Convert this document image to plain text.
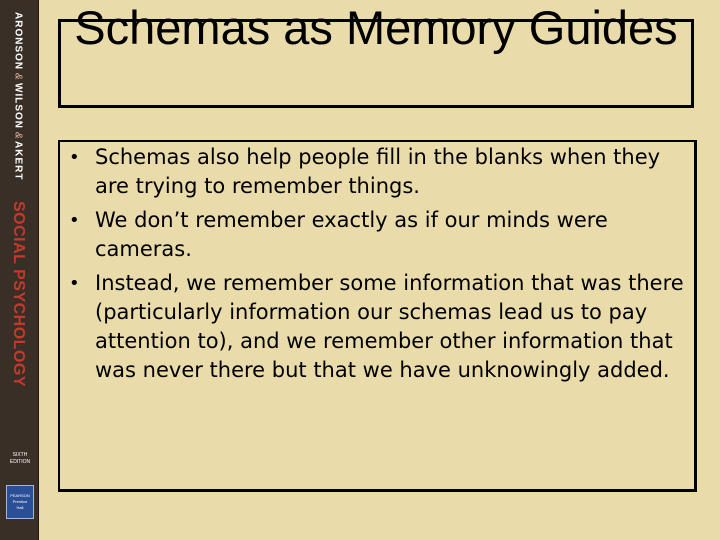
ARONSON
&
WILSON
&
AKERT
SOCIAL PSYCHOLOGY
SIXTH
EDITION
PEARSON
Prentice
Hall
Schemas as Memory Guides
• Schemas also help people fill in the blanks when they are trying to remember things.
• We don’t remember exactly as if our minds were cameras.
• Instead, we remember some information that was there (particularly information our schemas lead us to pay attention to), and we remember other information that was never there but that we have unknowingly added.
